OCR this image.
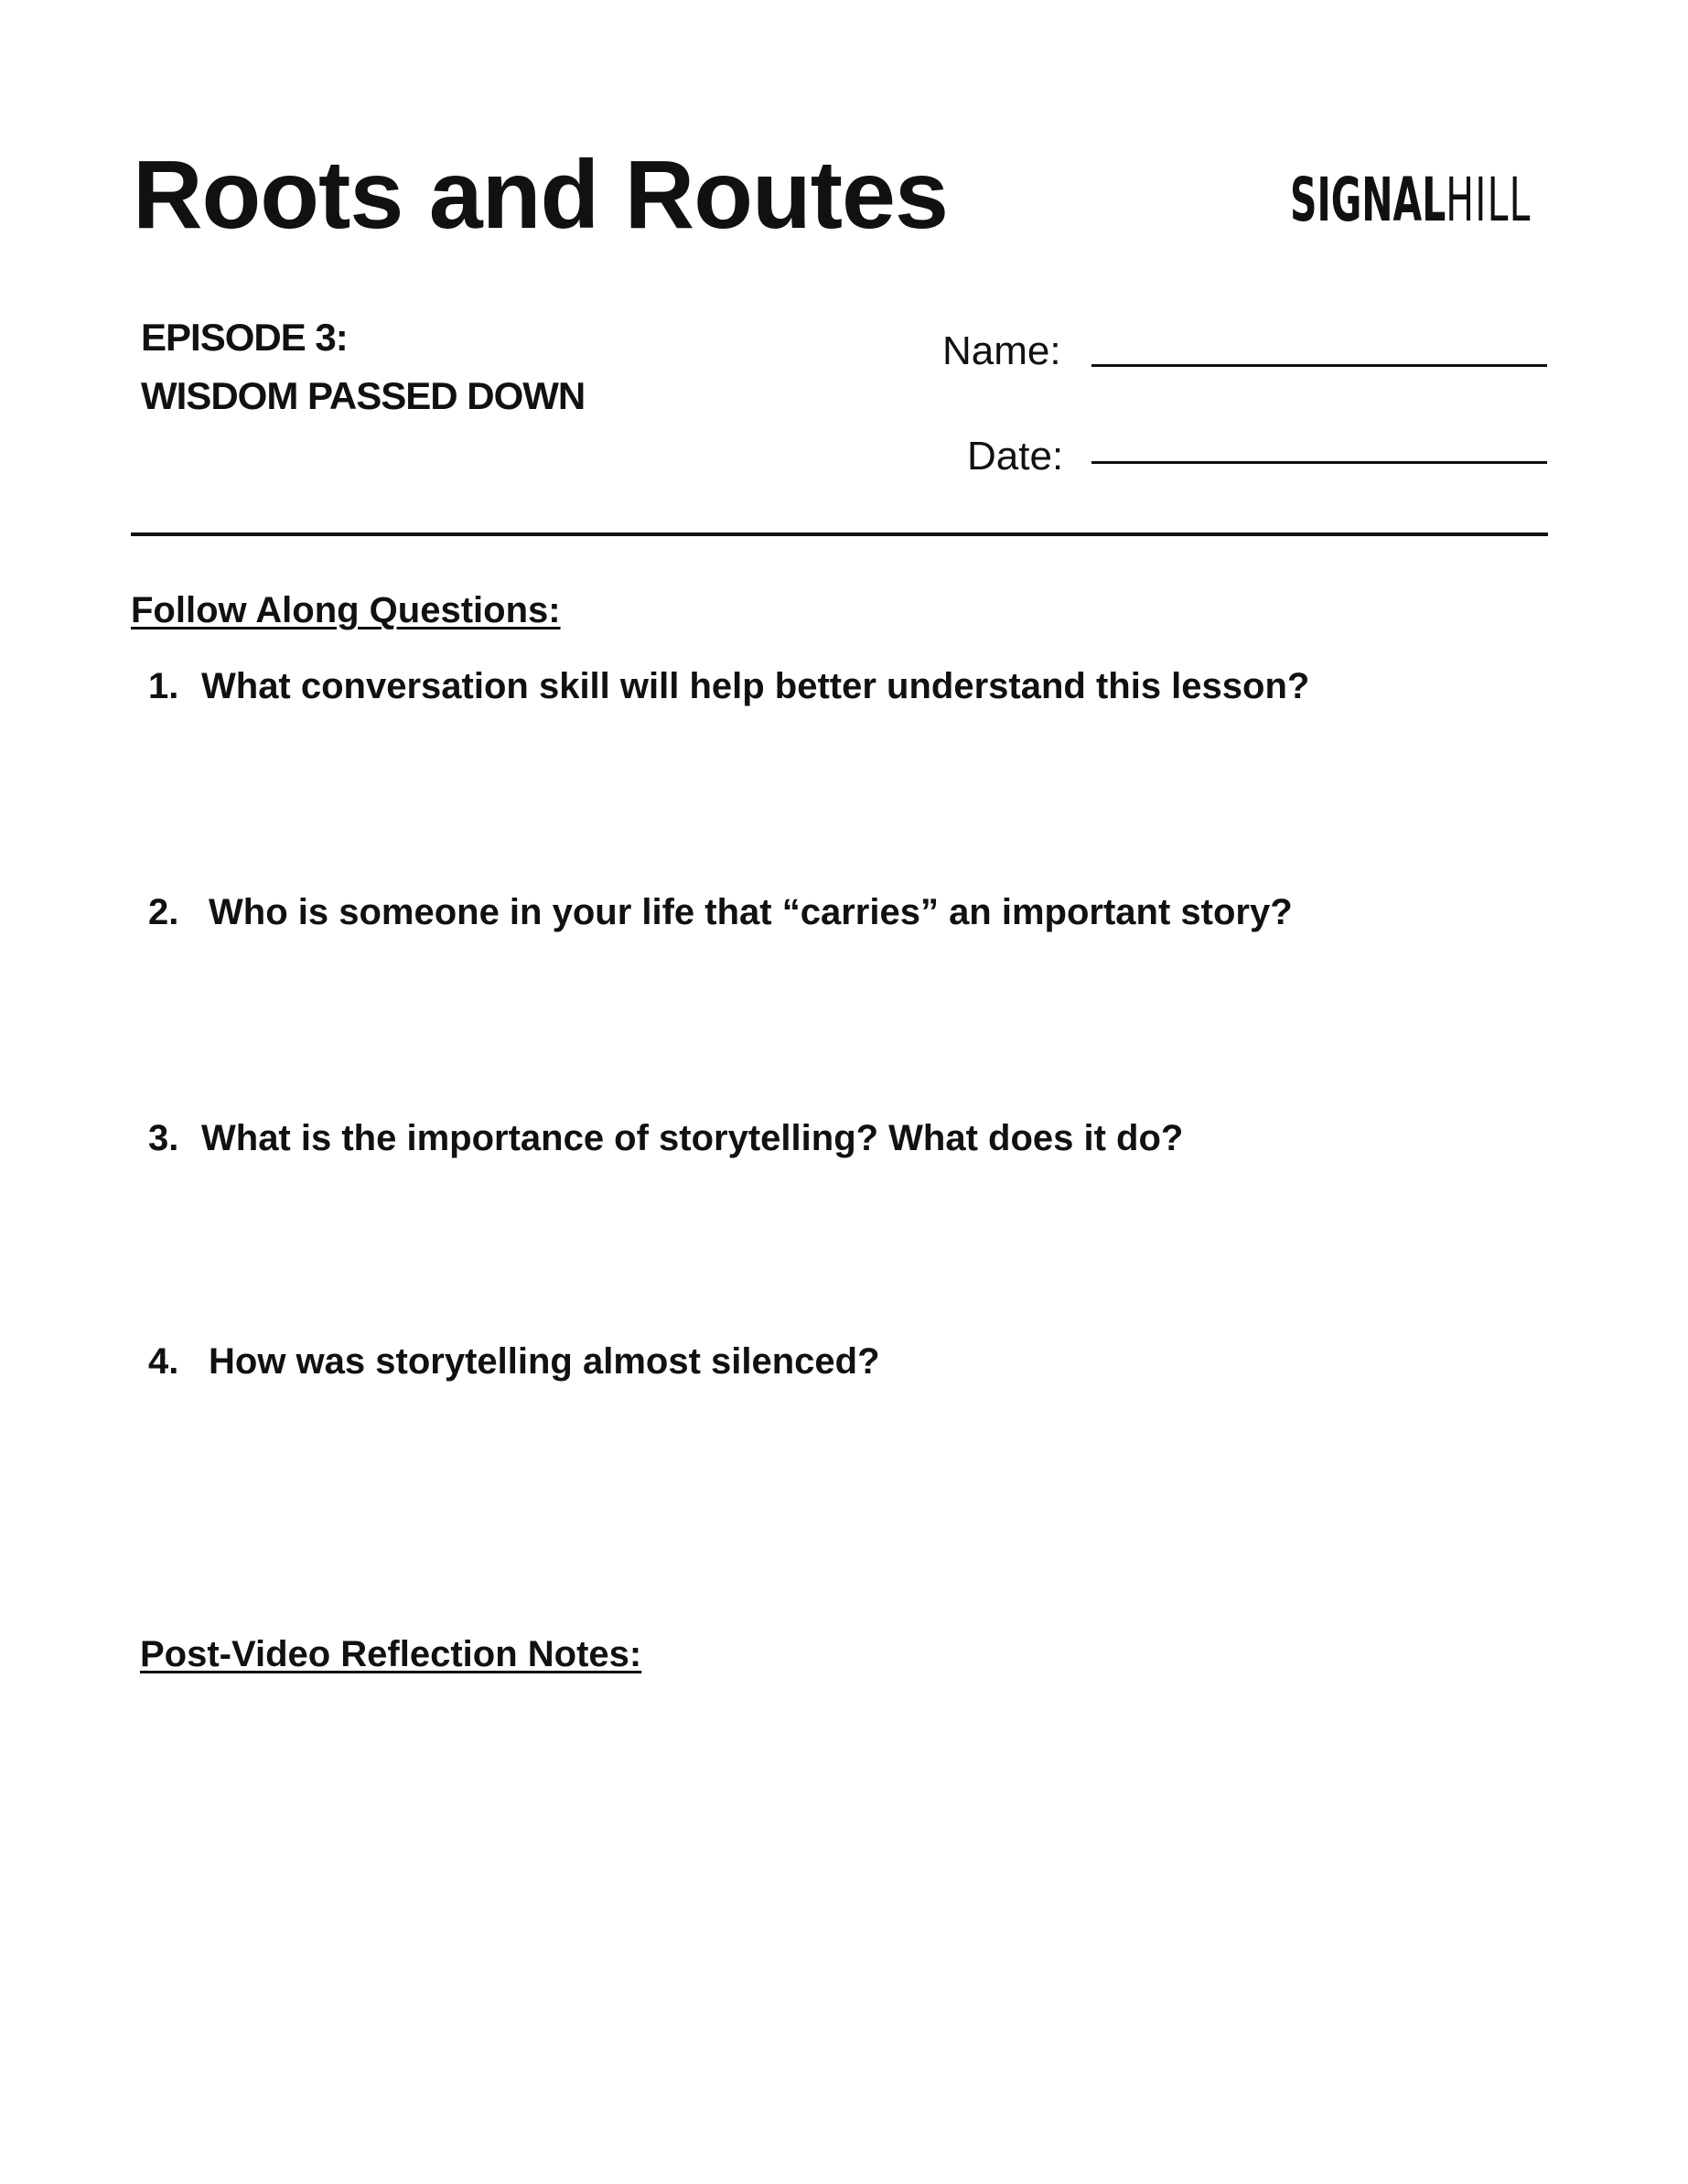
Roots and Routes	SIGNALHILL
EPISODE 3:
WISDOM PASSED DOWN
Name:
Date:
Follow Along Questions:
1. What conversation skill will help better understand this lesson?
2. Who is someone in your life that “carries” an important story?
3. What is the importance of storytelling? What does it do?
4. How was storytelling almost silenced?
Post-Video Reflection Notes:
